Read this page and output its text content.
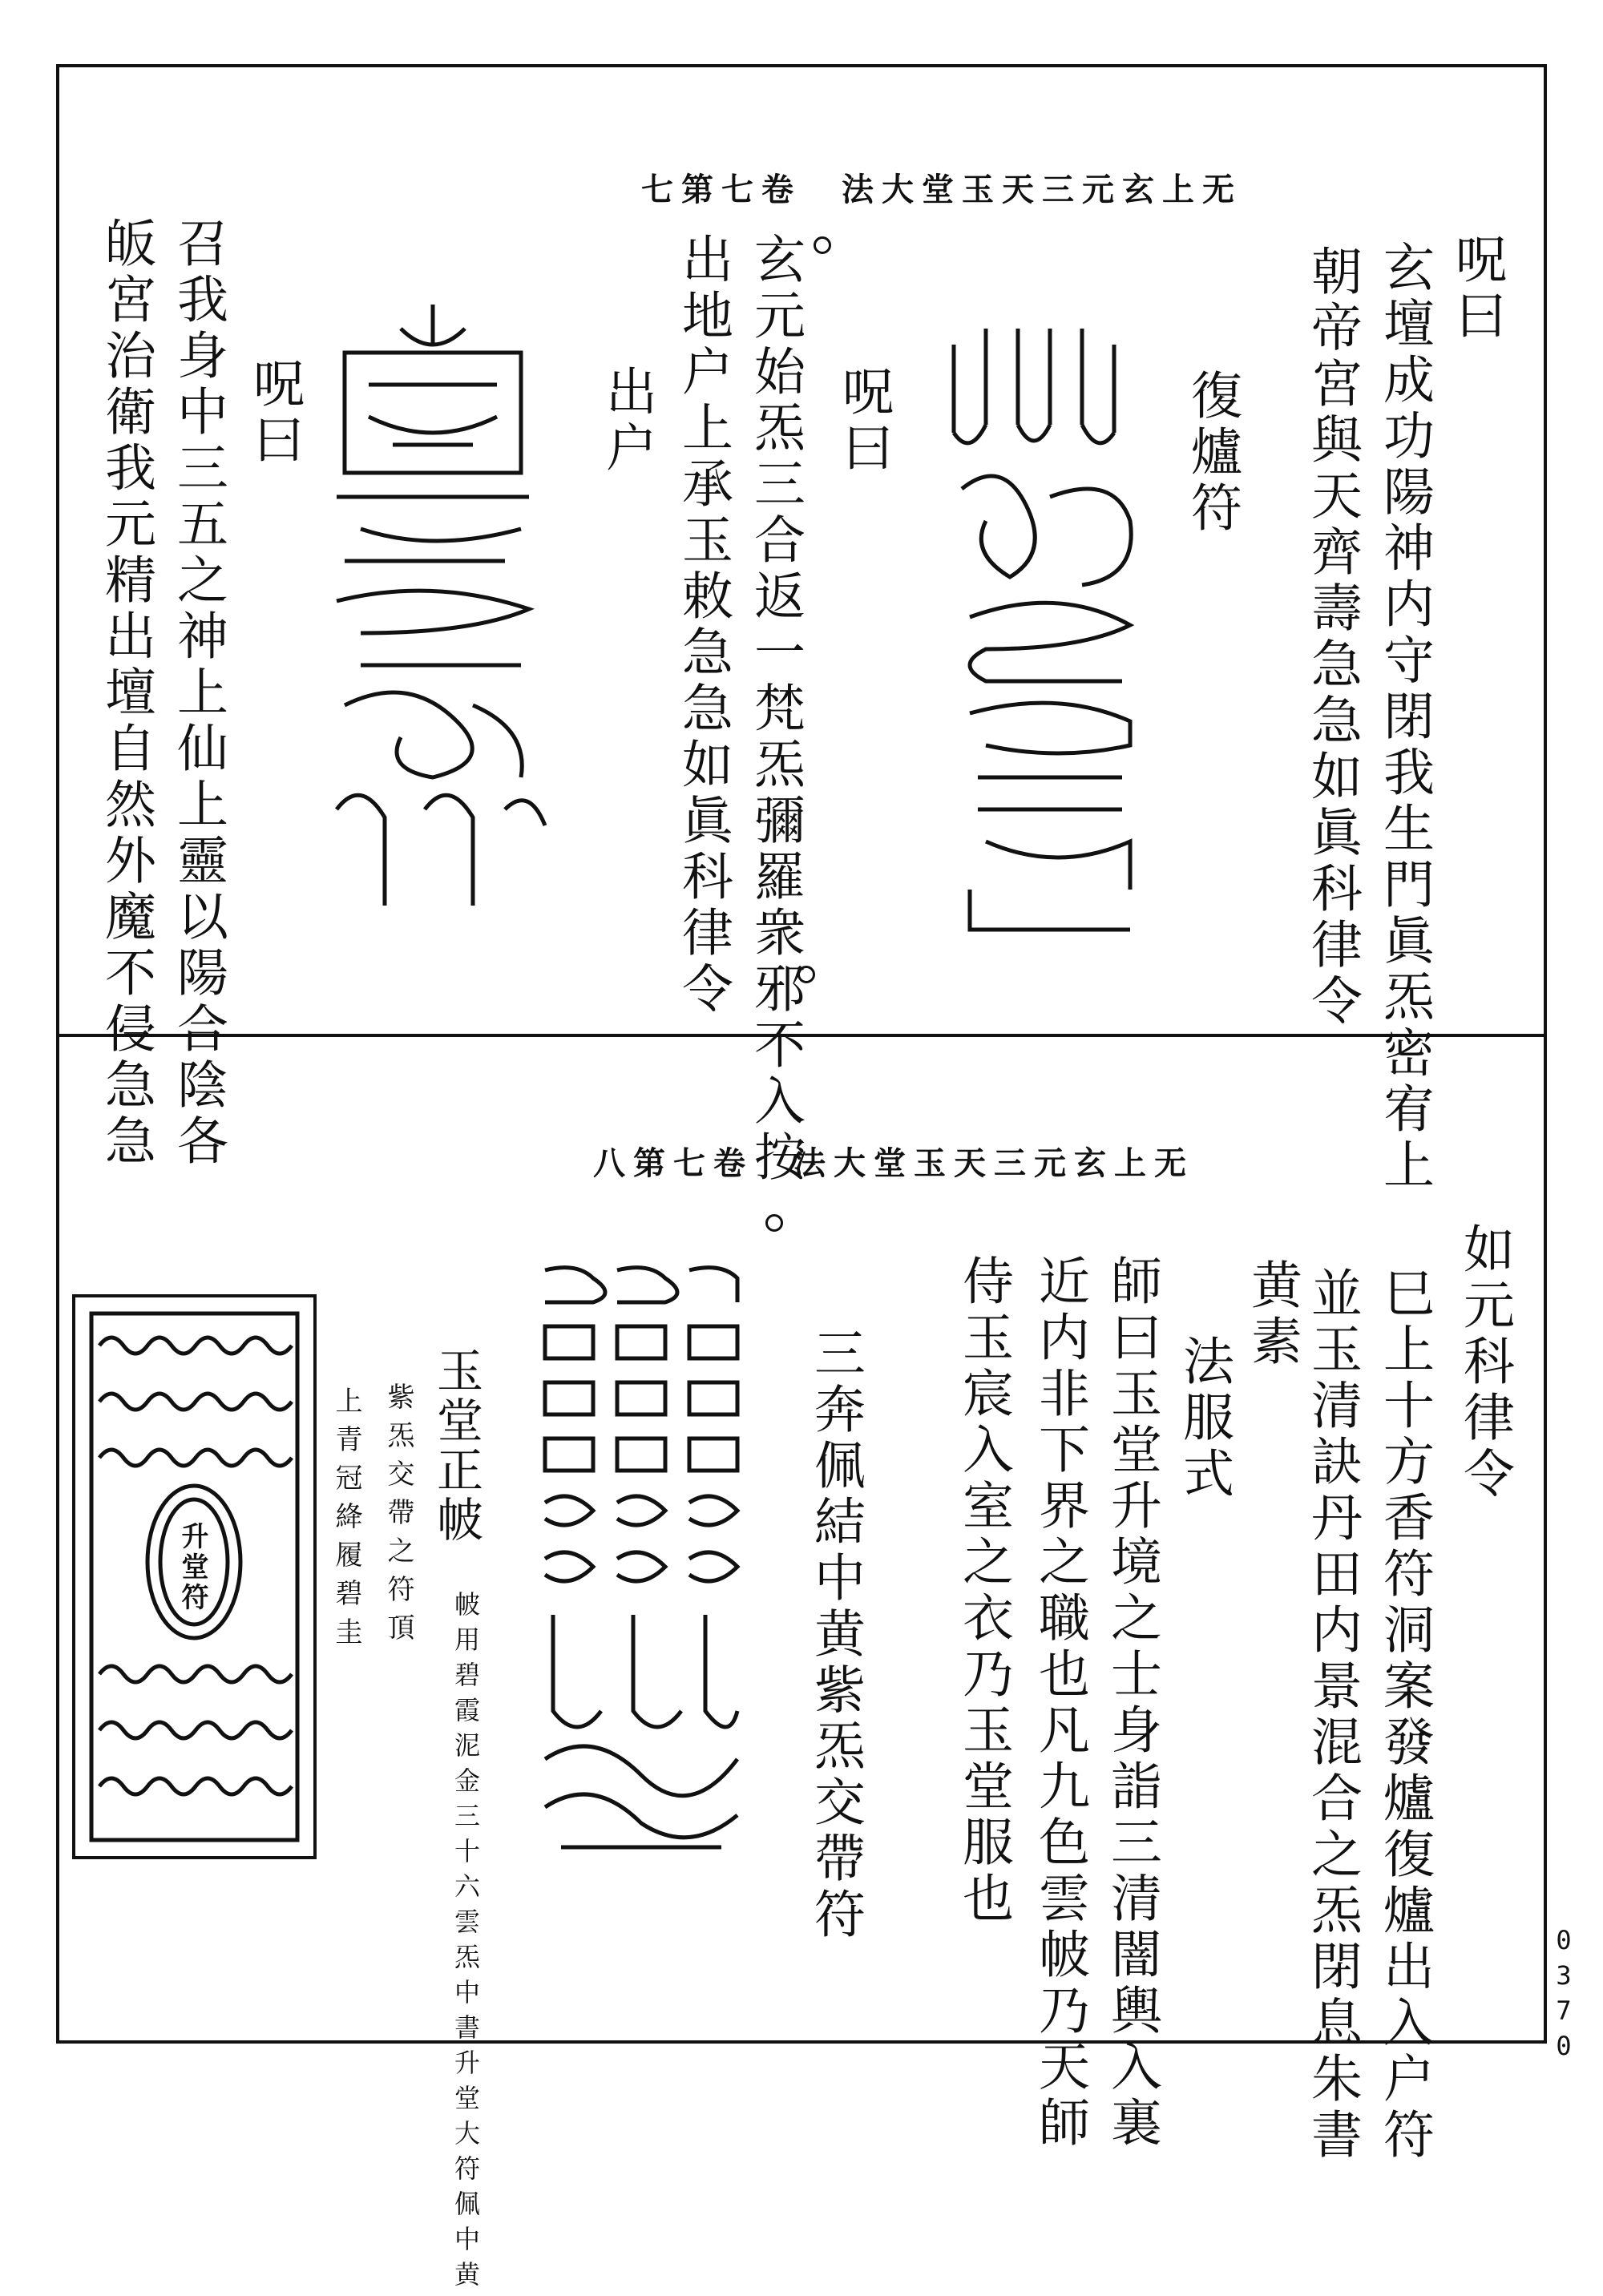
七第七卷　法大堂玉天三元玄上无
呪曰
玄壇成功陽神内守閉我生門眞炁密宥上
朝帝宮與天齊壽急急如眞科律令
復爐符
呪曰
玄元始炁三合返一梵炁彌羅衆邪不入按
出地户上承玉敕急急如眞科律令
出户
呪曰
召我身中三五之神上仙上靈以陽合陰各
皈宮治衛我元精出壇自然外魔不侵急急	八第七卷　法大堂玉天三元玄上无
如元科律令
巳上十方香符洞案發爐復爐出入户符
並玉清訣丹田内景混合之炁閉息朱書
黄素
法服式
師曰玉堂升境之士身詣三清闇輿入裏
近内非下界之職也凡九色雲帔乃天師
侍玉宸入室之衣乃玉堂服也
三奔佩結中黄紫炁交帶符
玉堂正帔
帔用碧霞泥金三十六雲炁中書升堂大符佩中黄
紫炁交帶之符頂
上青冠絳履碧圭
升堂符
0370
